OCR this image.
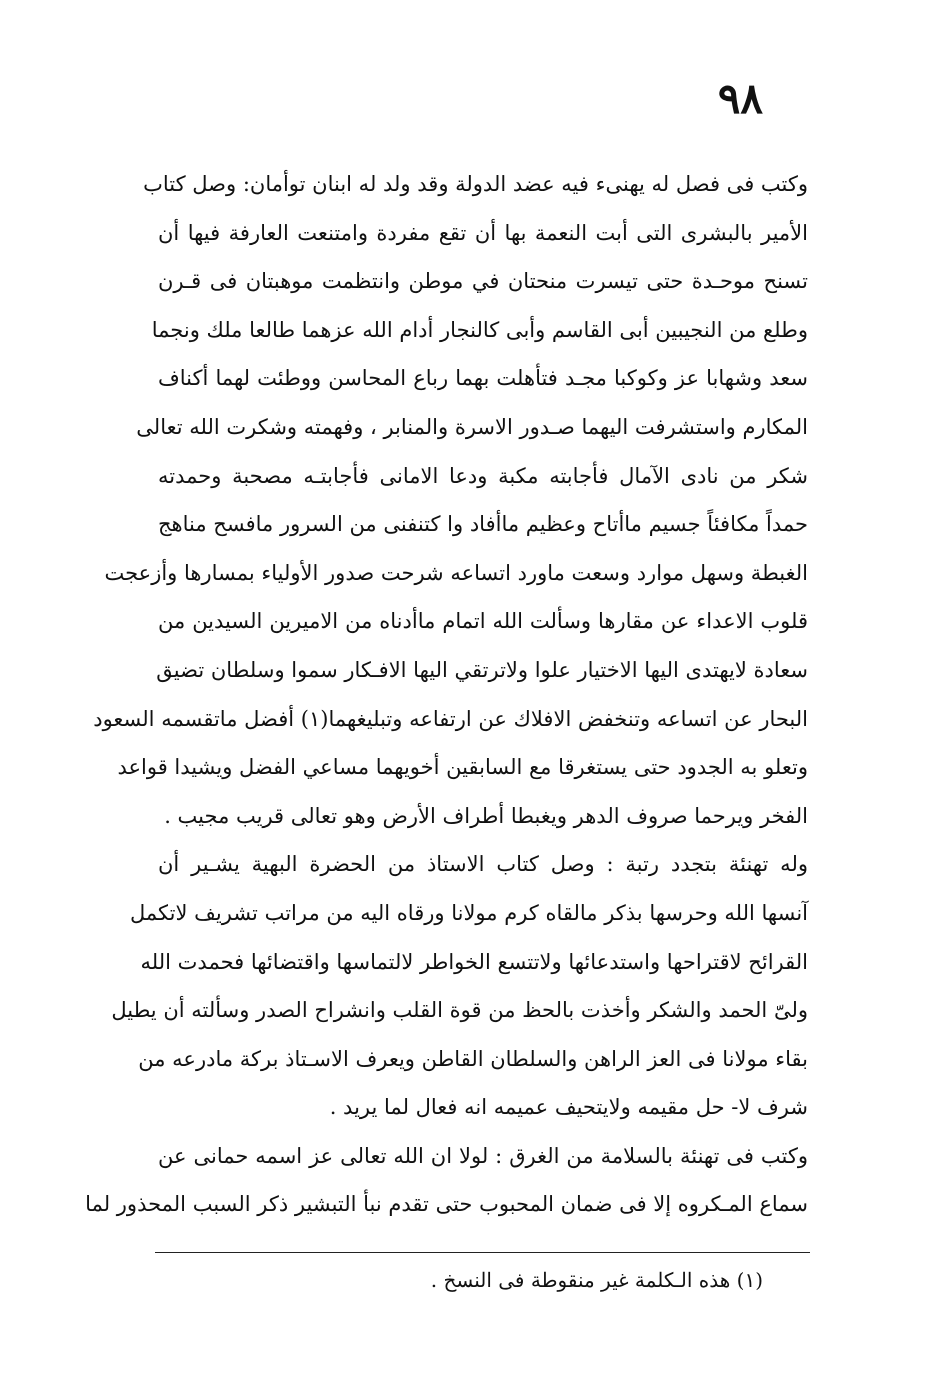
٩٨
وكتب فى فصل له يهنىء فيه عضد الدولة وقد ولد له ابنان توأمان: وصل كتاب
الأمير بالبشرى التى أبت النعمة بها أن تقع مفردة وامتنعت العارفة فيها أن
تسنح موحـدة حتى تيسرت منحتان في موطن وانتظمت موهبتان فى قـرن
وطلع من النجيبين أبى القاسم وأبى كالنجار أدام الله عزهما طالعا ملك ونجما
سعد وشهابا عز وكوكبا مجـد فتأهلت بهما رباع المحاسن ووطئت لهما أكناف
المكارم واستشرفت اليهما صـدور الاسرة والمنابر ، وفهمته وشكرت الله تعالى
شكر من نادى الآمال فأجابته مكبة ودعا الامانى فأجابتـه مصحبة وحمدته
حمداً مكافئاً جسيم ماأتاح وعظيم ماأفاد وا كتنفنى من السرور مافسح مناهج
الغبطة وسهل موارد وسعت ماورد اتساعه شرحت صدور الأولياء بمسارها وأزعجت
قلوب الاعداء عن مقارها وسألت الله اتمام ماأدناه من الاميرين السيدين من
سعادة لايهتدى اليها الاختيار علوا ولاترتقي اليها الافـكار سموا وسلطان تضيق
البحار عن اتساعه وتنخفض الافلاك عن ارتفاعه وتبليغهما(١) أفضل ماتقسمه السعود
وتعلو به الجدود حتى يستغرقا مع السابقين أخويهما مساعي الفضل ويشيدا قواعد
الفخر ويرحما صروف الدهر ويغبطا أطراف الأرض وهو تعالى قريب مجيب .
وله تهنئة بتجدد رتبة : وصل كتاب الاستاذ من الحضرة البهية يشـير أن
آنسها الله وحرسها بذكر مالقاه كرم مولانا ورقاه اليه من مراتب تشريف لاتكمل
القرائح لاقتراحها واستدعائها ولاتتسع الخواطر لالتماسها واقتضائها فحمدت الله
ولىّ الحمد والشكر وأخذت بالحظ من قوة القلب وانشراح الصدر وسألته أن يطيل
بقاء مولانا فى العز الراهن والسلطان القاطن ويعرف الاسـتاذ بركة مادرعه من
شرف لا- حل مقيمه ولايتحيف عميمه انه فعال لما يريد .
وكتب فى تهنئة بالسلامة من الغرق : لولا ان الله تعالى عز اسمه حمانى عن
سماع المـكروه إلا فى ضمان المحبوب حتى تقدم نبأ التبشير ذكر السبب المحذور لما
(١) هذه الـكلمة غير منقوطة فى النسخ .
